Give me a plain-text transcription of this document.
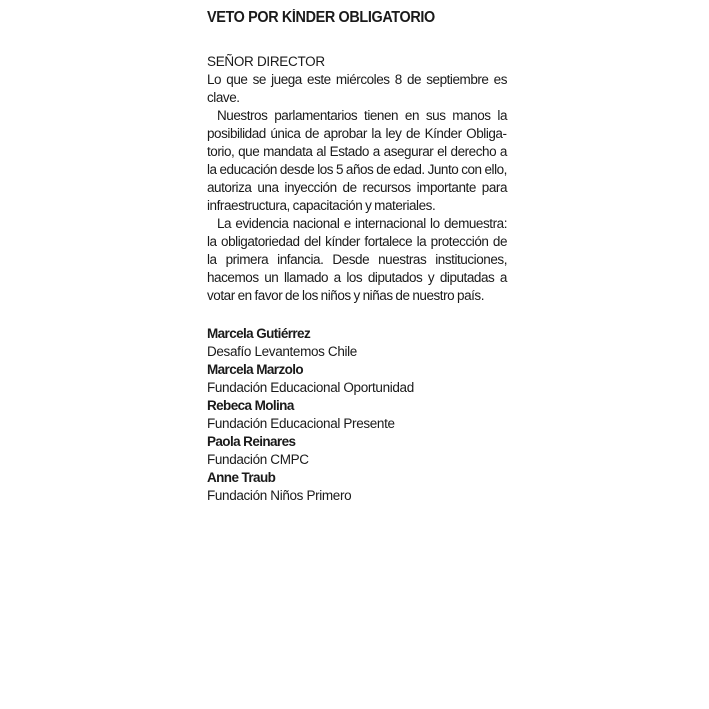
VETO POR KÍNDER OBLIGATORIO
SEÑOR DIRECTOR

Lo que se juega este miércoles 8 de septiembre es clave.

Nuestros parlamentarios tienen en sus manos la posibilidad única de aprobar la ley de Kínder Obligatorio, que mandata al Estado a asegurar el derecho a la educación desde los 5 años de edad. Junto con ello, autoriza una inyección de recursos importante para infraestructura, capacitación y materiales.

La evidencia nacional e internacional lo demuestra: la obligatoriedad del kínder fortalece la protección de la primera infancia. Desde nuestras instituciones, hacemos un llamado a los diputados y diputadas a votar en favor de los niños y niñas de nuestro país.

Marcela Gutiérrez
Desafío Levantemos Chile
Marcela Marzolo
Fundación Educacional Oportunidad
Rebeca Molina
Fundación Educacional Presente
Paola Reinares
Fundación CMPC
Anne Traub
Fundación Niños Primero
